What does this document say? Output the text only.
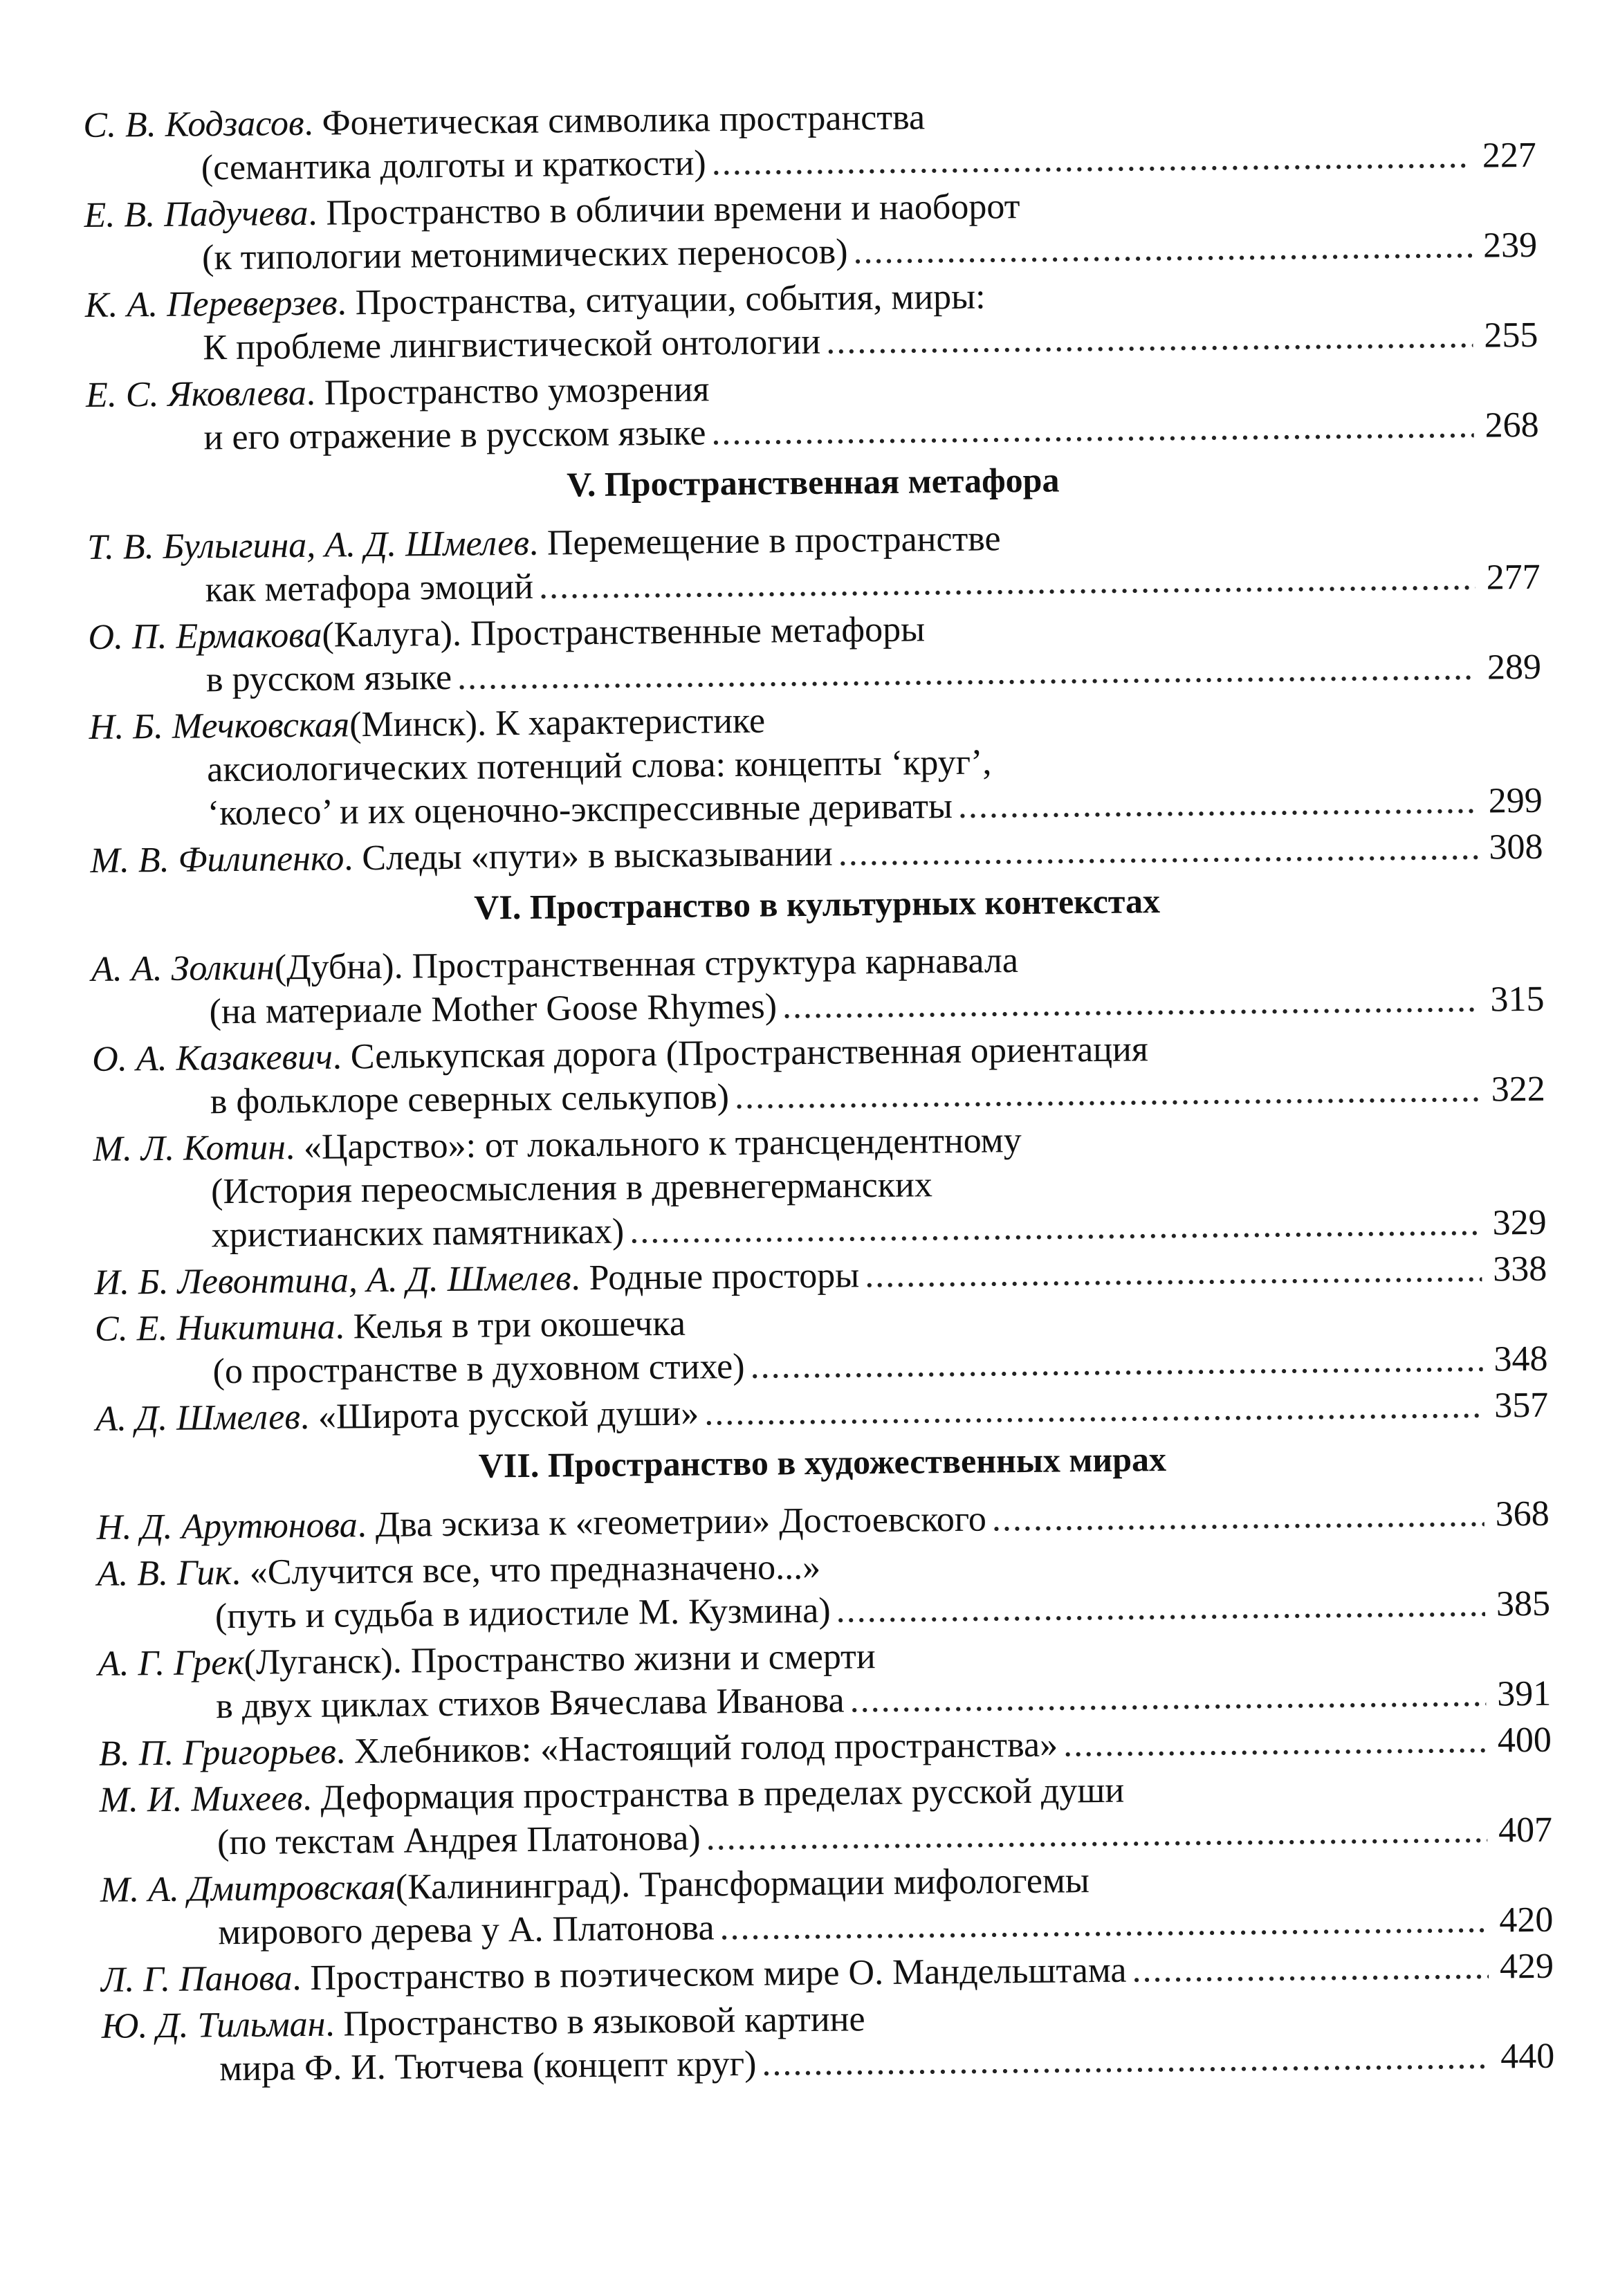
С. В. Кодзасов . Фонетическая символика пространства
(семантика долготы и краткости) .....	227
Е. В. Падучева . Пространство в обличии времени и наоборот
(к типологии метонимических переносов) .....	239
К. А. Переверзев . Пространства, ситуации, события, миры:
К проблеме лингвистической онтологии .....	255
Е. С. Яковлева . Пространство умозрения
и его отражение в русском языке .....	268
V. Пространственная метафора
Т. В. Булыгина, А. Д. Шмелев . Перемещение в пространстве
как метафора эмоций .....	277
О. П. Ермакова (Калуга) . Пространственные метафоры
в русском языке .....	289
Н. Б. Мечковская (Минск) . К характеристике
аксиологических потенций слова: концепты ‘круг’,
‘колесо’ и их оценочно-экспрессивные дериваты .....	299
М. В. Филипенко . Следы «пути» в высказывании .....	308
VI. Пространство в культурных контекстах
А. А. Золкин (Дубна) . Пространственная структура карнавала
(на материале Mother Goose Rhymes) .....	315
О. А. Казакевич . Селькупская дорога (Пространственная ориентация
в фольклоре северных селькупов) .....	322
М. Л. Котин . «Царство»: от локального к трансцендентному
(История переосмысления в древнегерманских
христианских памятниках) .....	329
И. Б. Левонтина, А. Д. Шмелев . Родные просторы .....	338
С. Е. Никитина . Келья в три окошечка
(о пространстве в духовном стихе) .....	348
А. Д. Шмелев . «Широта русской души» .....	357
VII. Пространство в художественных мирах
Н. Д. Арутюнова . Два эскиза к «геометрии» Достоевского .....	368
А. В. Гик . «Случится все, что предназначено...»
(путь и судьба в идиостиле М. Кузмина) .....	385
А. Г. Грек (Луганск) . Пространство жизни и смерти
в двух циклах стихов Вячеслава Иванова .....	391
В. П. Григорьев . Хлебников: «Настоящий голод пространства» .....	400
М. И. Михеев . Деформация пространства в пределах русской души
(по текстам Андрея Платонова) .....	407
М. А. Дмитровская (Калининград) . Трансформации мифологемы
мирового дерева у А. Платонова .....	420
Л. Г. Панова . Пространство в поэтическом мире О. Мандельштама .....	429
Ю. Д. Тильман . Пространство в языковой картине
мира Ф. И. Тютчева (концепт круг) .....	440
